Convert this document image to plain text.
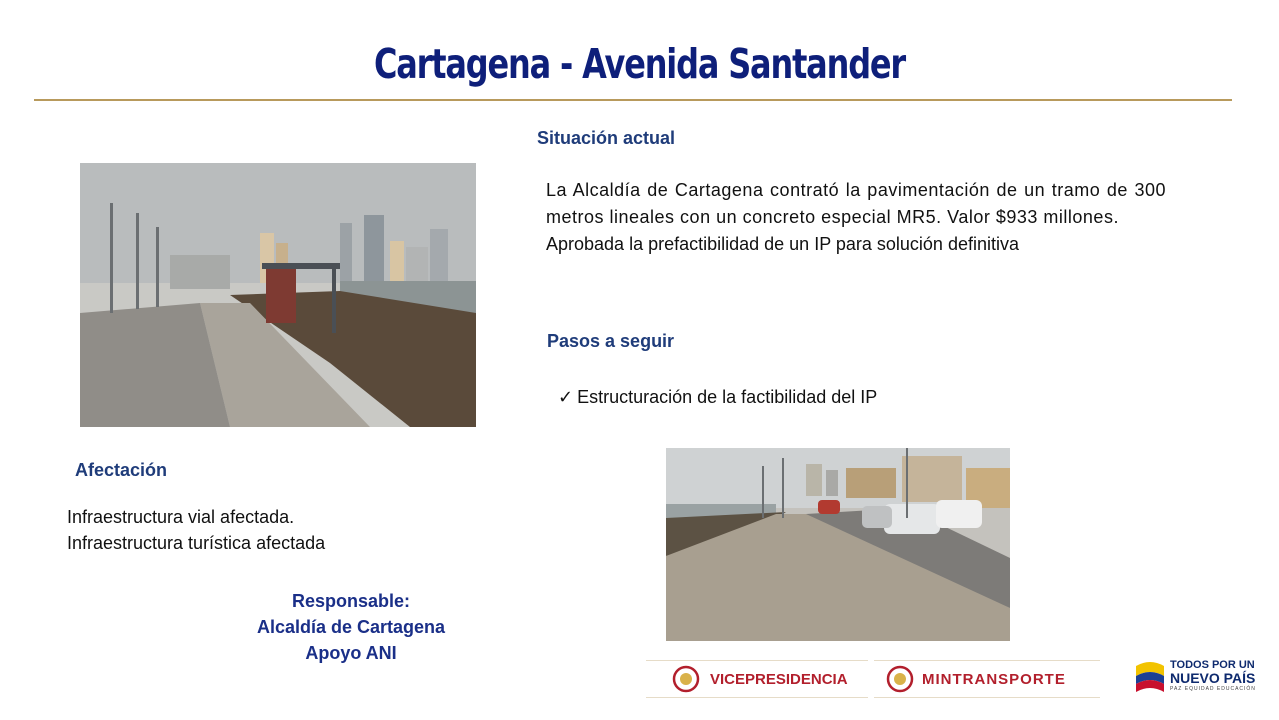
Cartagena - Avenida Santander
Situación actual

La Alcaldía de Cartagena contrató la pavimentación de un tramo de 300 metros lineales con un concreto especial MR5. Valor $933 millones.

Aprobada la prefactibilidad de un IP para solución definitiva

Pasos a seguir
✓ Estructuración de la factibilidad del IP
Afectación
Infraestructura vial afectada.
Infraestructura turística afectada
Responsable:
Alcaldía de Cartagena
Apoyo ANI
VICEPRESIDENCIA	MINTRANSPORTE
TODOS POR UN
NUEVO PAÍS
PAZ EQUIDAD EDUCACIÓN
